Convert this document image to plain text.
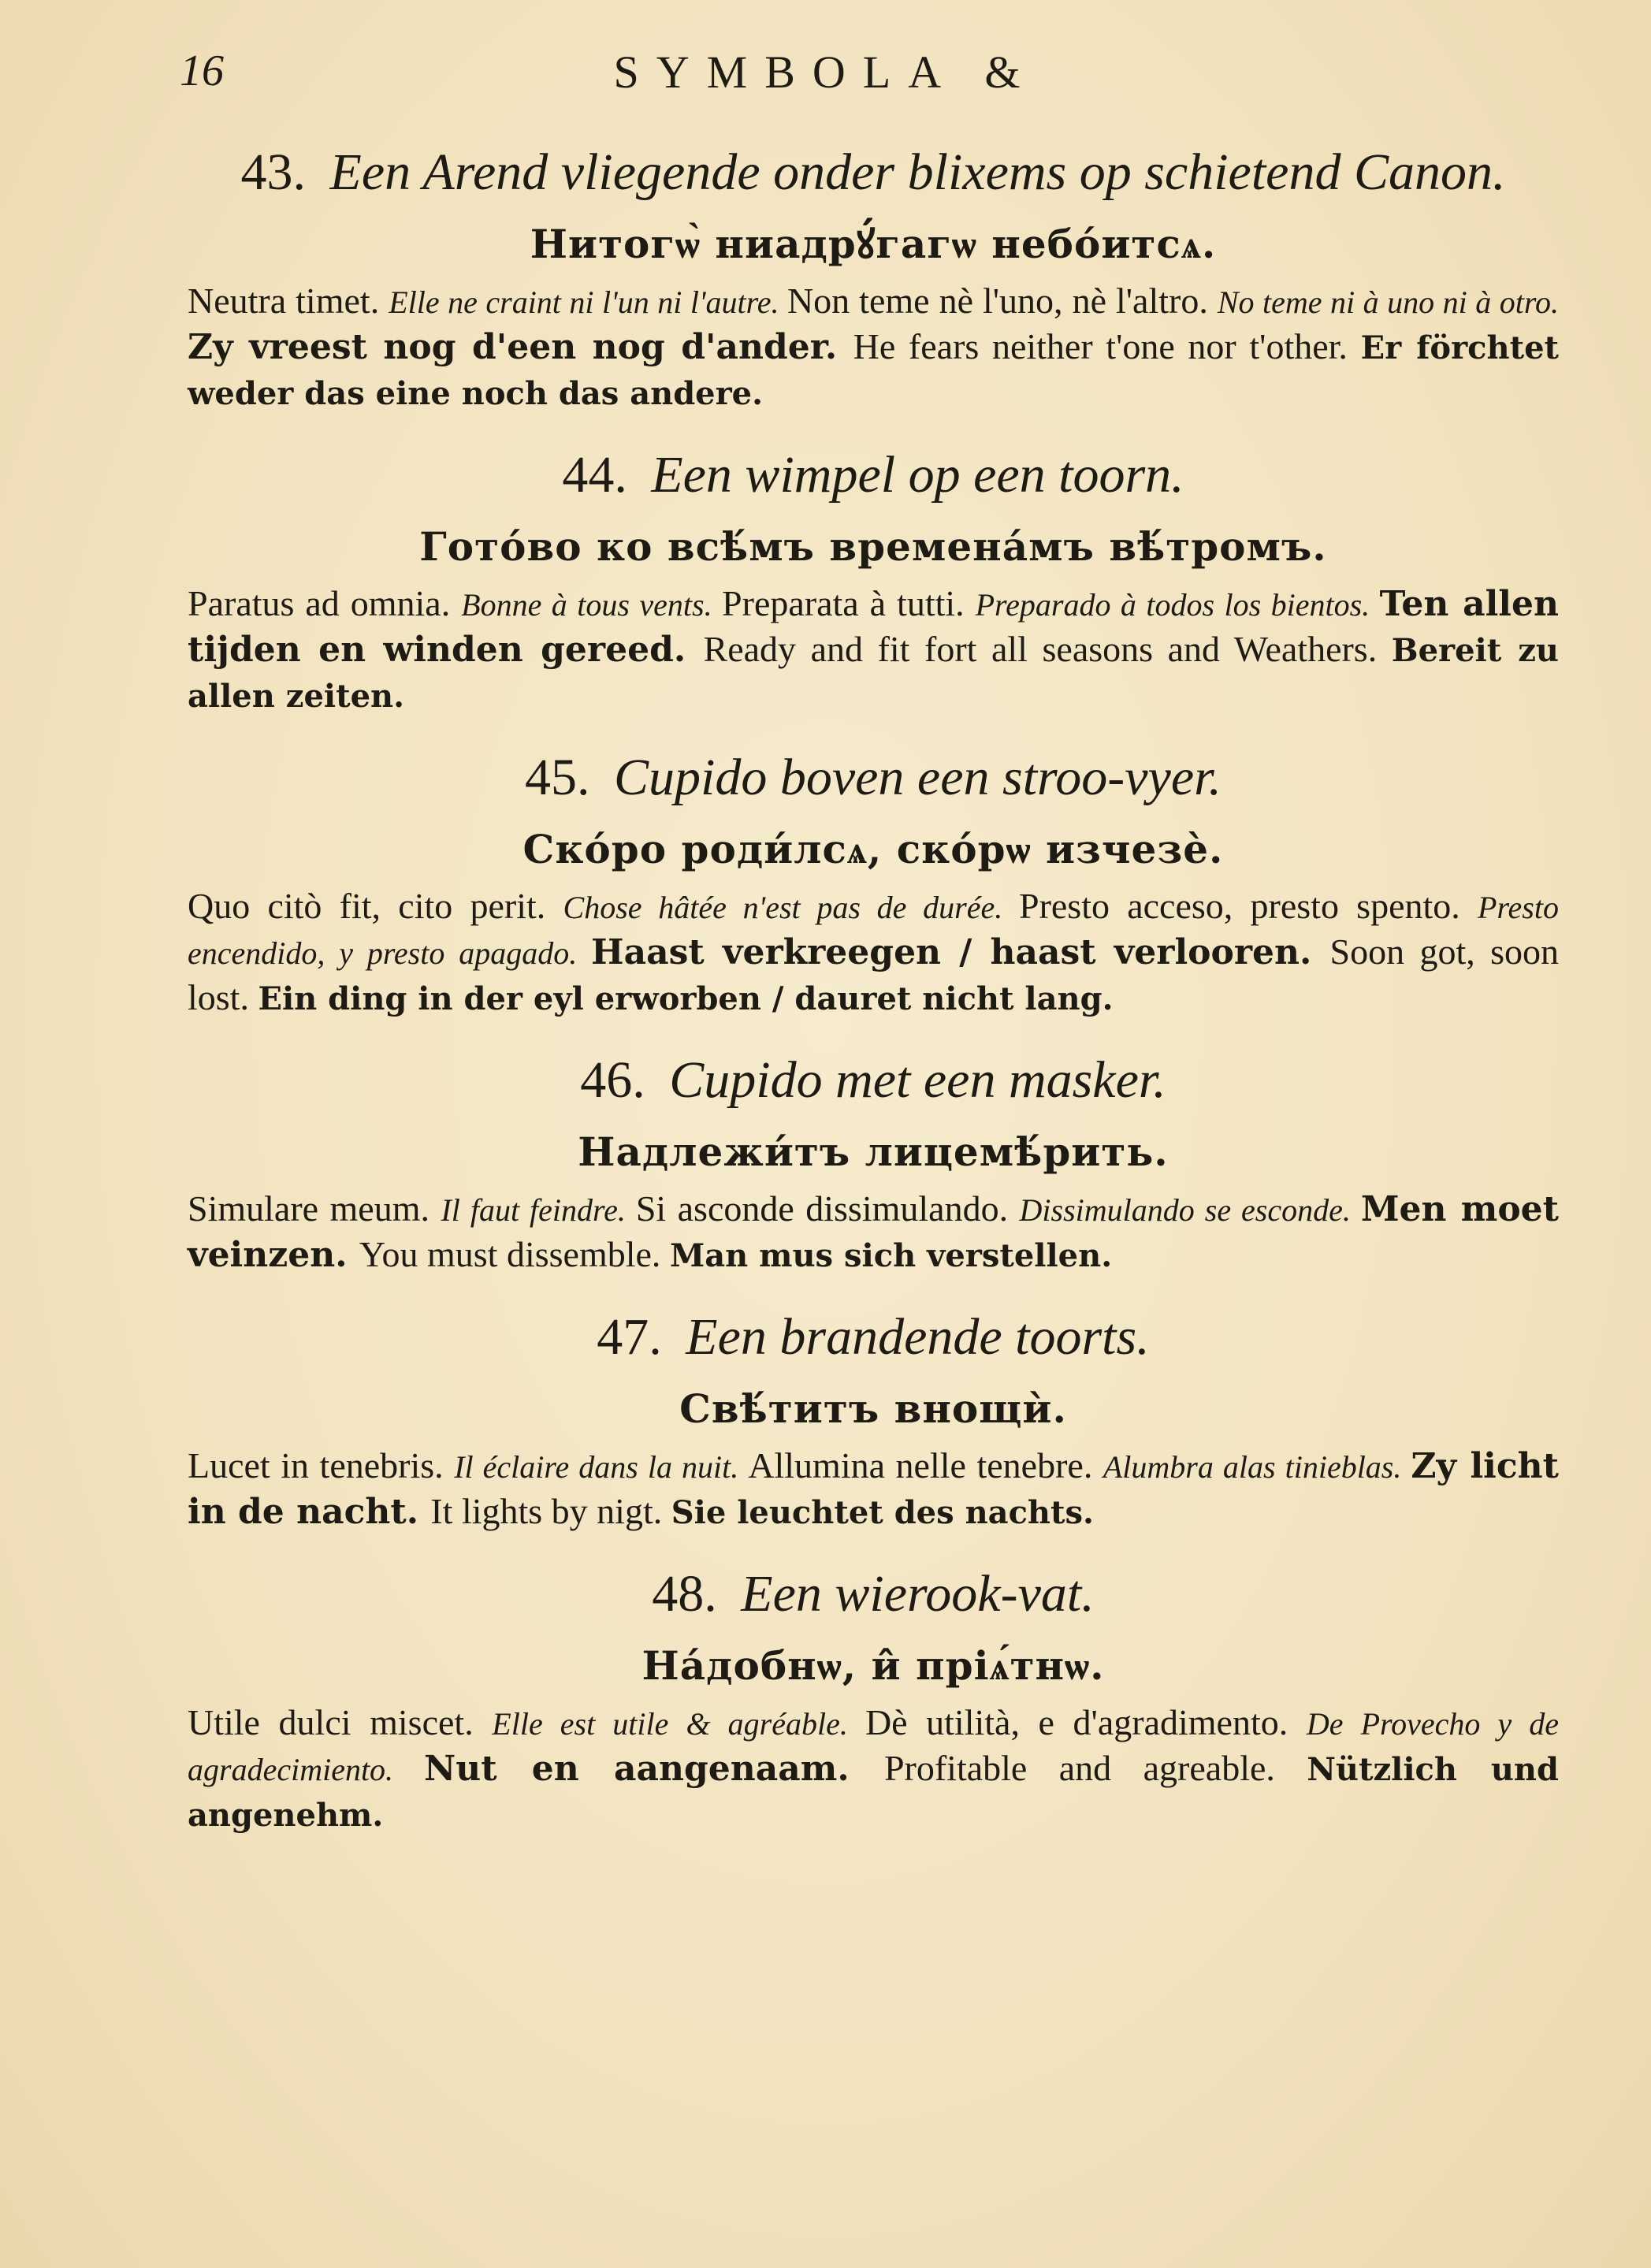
16	SYMBOLA &

43. Een Arend vliegende onder blixems op schietend Canon.

Нитогѡ̀ ниадрꙋ́гагѡ небо́итсѧ.

Neutra timet. Elle ne craint ni l'un ni l'autre. Non teme nè l'uno, nè l'altro. No teme ni à uno ni à otro. Zy vreest nog d'een nog d'ander. He fears neither t'one nor t'other. Er förchtet weder das eine noch das andere.

44. Een wimpel op een toorn.

Гото́во ко всѣ́мъ времена́мъ вѣ́тромъ.

Paratus ad omnia. Bonne à tous vents. Preparata à tutti. Preparado à todos los bientos. Ten allen tijden en winden gereed. Ready and fit fort all seasons and Weathers. Bereit zu allen zeiten.

45. Cupido boven een stroo-vyer.

Ско́ро роди́лсѧ, ско́рѡ изчезѐ.

Quo citò fit, cito perit. Chose hâtée n'est pas de durée. Presto acceso, presto spento. Presto encendido, y presto apagado. Haast verkreegen / haast verlooren. Soon got, soon lost. Ein ding in der eyl erworben / dauret nicht lang.

46. Cupido met een masker.

Надлежи́тъ лицемѣ́рить.

Simulare meum. Il faut feindre. Si asconde dissimulando. Dissimulando se esconde. Men moet veinzen. You must dissemble. Man mus sich verstellen.

47. Een brandende toorts.

Свѣ́титъ внощѝ.

Lucet in tenebris. Il éclaire dans la nuit. Allumina nelle tenebre. Alumbra alas tinieblas. Zy licht in de nacht. It lights by nigt. Sie leuchtet des nachts.

48. Een wierook-vat.

На́добнѡ, и̂ пріѧ́тнѡ.

Utile dulci miscet. Elle est utile & agréable. Dè utilità, e d'agradimento. De Provecho y de agradecimiento. Nut en aangenaam. Profitable and agreable. Nützlich und angenehm.
